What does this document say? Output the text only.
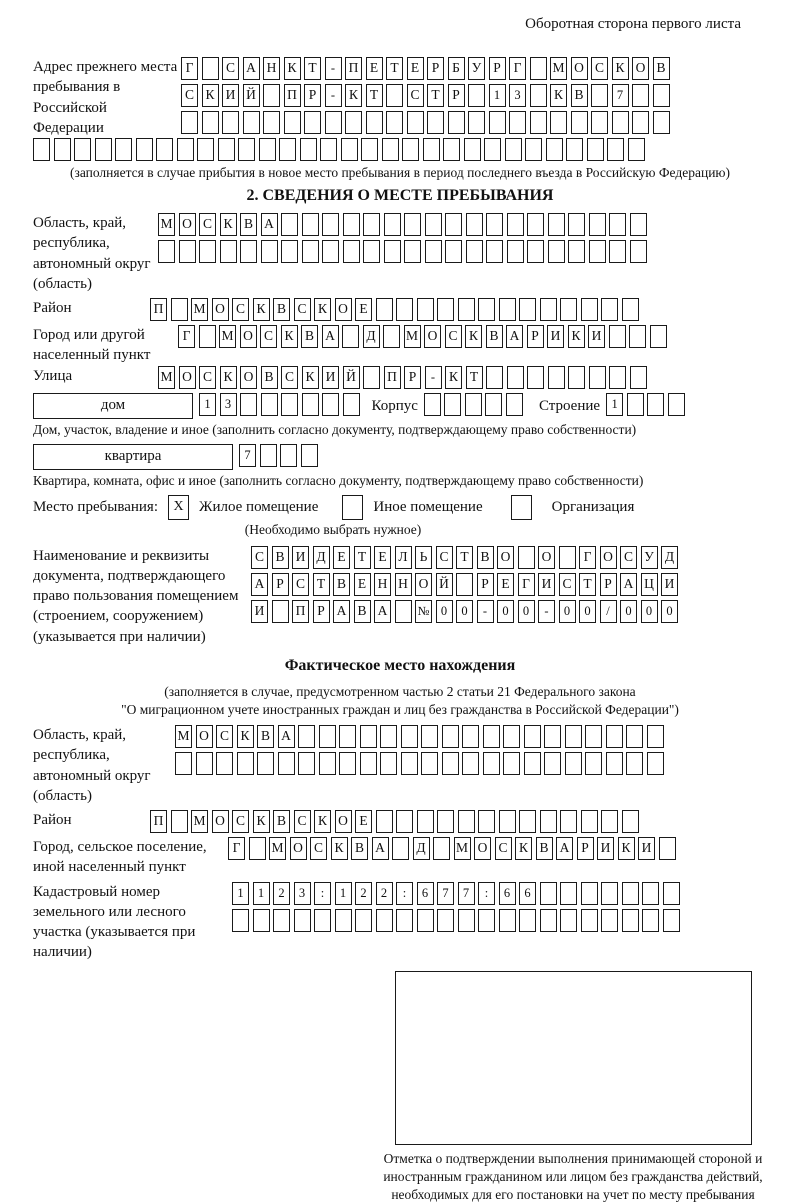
Оборотная сторона первого листа
Адрес прежнего места пребывания в Российской Федерации
Г	С А Н К Т	-	П Е Т Е Р Б У Р Г	М О С К О В
С К И Й П Р	-	К Т	С Т Р	1	3	К В	7
(заполняется в случае прибытия в новое место пребывания в период последнего въезда в Российскую Федерацию)
2. СВЕДЕНИЯ О МЕСТЕ ПРЕБЫВАНИЯ
Область, край, республика, автономный округ (область)
М О С К В А
Район	П М О С К В С К О Е
Город или другой населенный пункт
Г	М О С К В А Д М О С К В А Р И К И
Улица	М О С К О В С К И Й П Р	-	К Т
дом	1	3	Корпус	Строение 1
Дом, участок, владение и иное (заполнить согласно документу, подтверждающему право собственности)
квартира	7
Квартира, комната, офис и иное (заполнить согласно документу, подтверждающему право собственности)
Место пребывания:	X	Жилое помещение	Иное помещение	Организация
(Необходимо выбрать нужное)
Наименование и реквизиты документа, подтверждающего право пользования помещением (строением, сооружением) (указывается при наличии)
С В И Д Е Т Е Л Ь С Т В О О	Г О С У Д
А Р С Т В Е Н Н О Й	Р Е Г И С Т Р А Ц И
И П Р А В А № 0	0	-	0	0	-	0	0	/	0	0	0
Фактическое место нахождения
(заполняется в случае, предусмотренном частью 2 статьи 21 Федерального закона
"О миграционном учете иностранных граждан и лиц без гражданства в Российской Федерации")
Область, край, республика, автономный округ (область)
М О С К В А
Район	П М О С К В С К О Е
Город, сельское поселение, иной населенный пункт
Г	М О С К В А Д М О С К В А Р И К И
Кадастровый номер земельного или лесного участка (указывается при наличии)
1	1	2	3	:	1	2	2	:	6	7	7	:	6	6
Отметка о подтверждении выполнения принимающей стороной и иностранным гражданином или лицом без гражданства действий, необходимых для его постановки на учет по месту пребывания
